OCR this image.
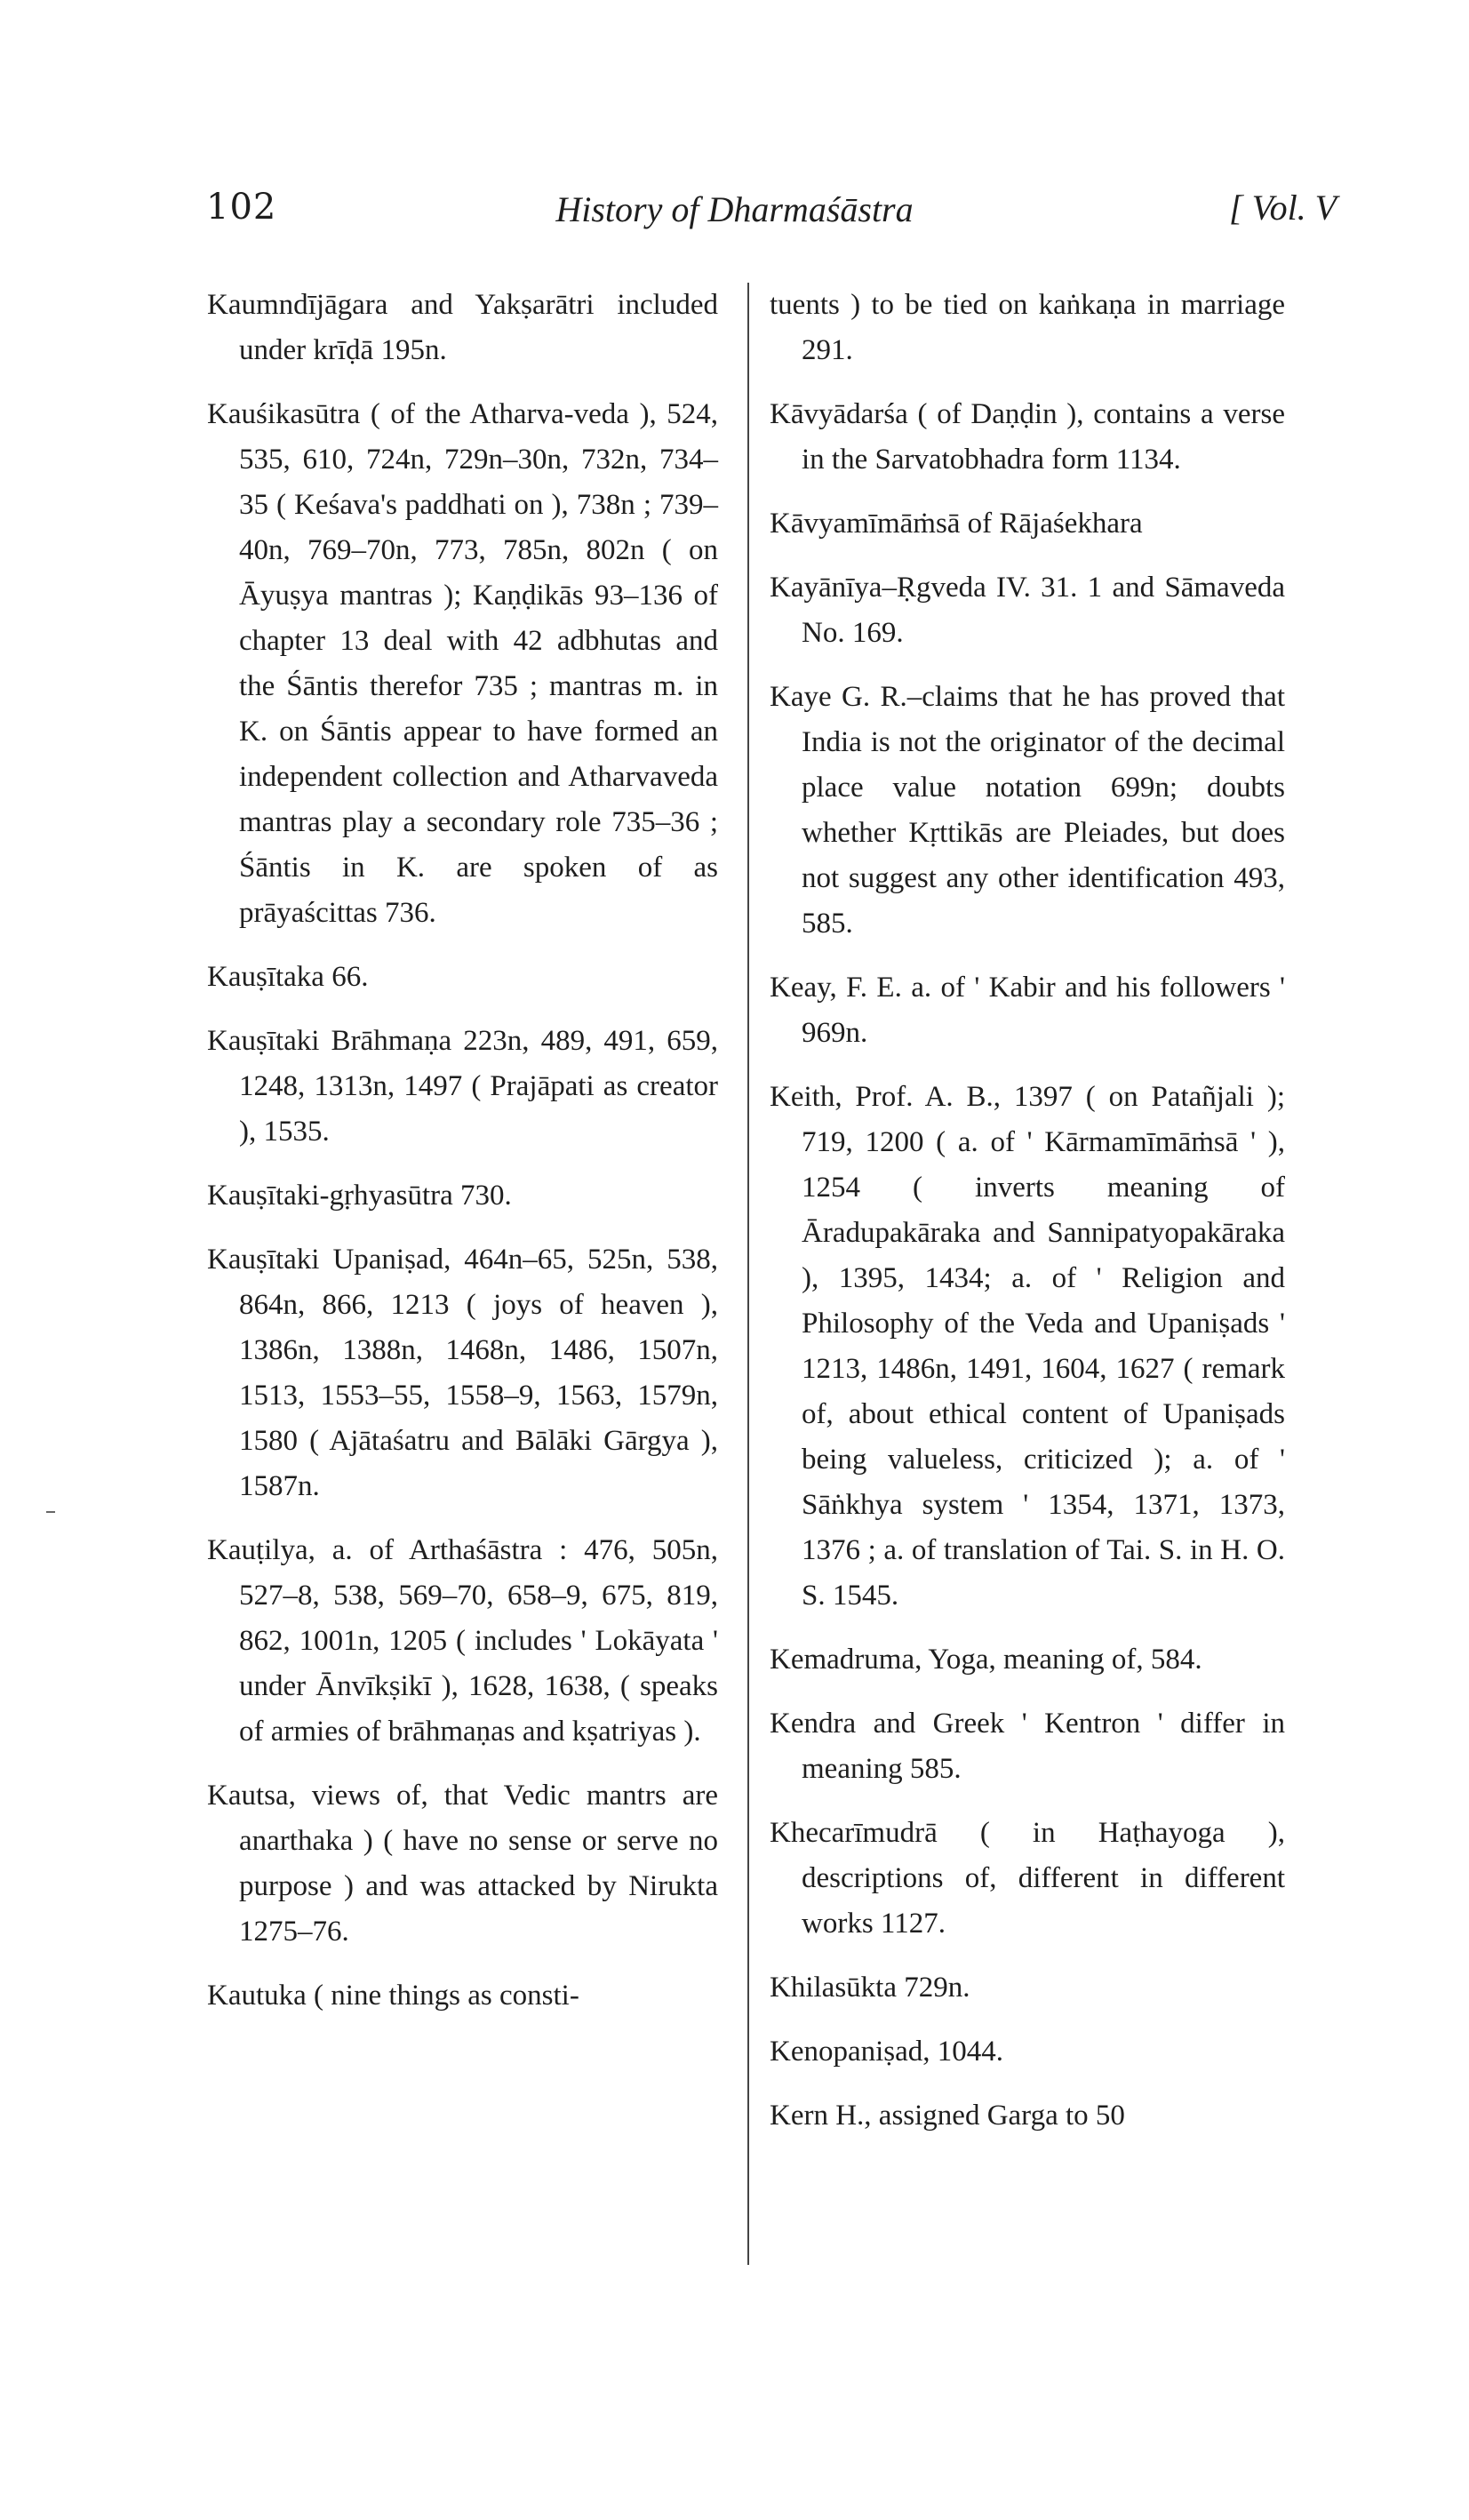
102	History of Dharmaśāstra	[ Vol. V

Kaumndījāgara and Yakṣarātri included under krīḍā 195n.

Kauśikasūtra ( of the Atharva-veda ), 524, 535, 610, 724n, 729n–30n, 732n, 734–35 ( Keśava's paddhati on ), 738n ; 739–40n, 769–70n, 773, 785n, 802n ( on Āyuṣya mantras ); Kaṇḍikās 93–136 of chapter 13 deal with 42 adbhutas and the Śāntis therefor 735 ; mantras m. in K. on Śāntis appear to have formed an independent collection and Atharvaveda mantras play a secondary role 735–36 ; Śāntis in K. are spoken of as prāyaścittas 736.

Kauṣītaka 66.

Kauṣītaki Brāhmaṇa 223n, 489, 491, 659, 1248, 1313n, 1497 ( Prajāpati as creator ), 1535.

Kauṣītaki-gṛhyasūtra 730.

Kauṣītaki Upaniṣad, 464n–65, 525n, 538, 864n, 866, 1213 ( joys of heaven ), 1386n, 1388n, 1468n, 1486, 1507n, 1513, 1553–55, 1558–9, 1563, 1579n, 1580 ( Ajātaśatru and Bālāki Gārgya ), 1587n.

Kauṭilya, a. of Arthaśāstra : 476, 505n, 527–8, 538, 569–70, 658–9, 675, 819, 862, 1001n, 1205 ( includes ' Lokāyata ' under Ānvīkṣikī ), 1628, 1638, ( speaks of armies of brāhmaṇas and kṣatriyas ).

Kautsa, views of, that Vedic mantrs are anarthaka ) ( have no sense or serve no purpose ) and was attacked by Nirukta 1275–76.

Kautuka ( nine things as consti-

tuents ) to be tied on kaṅkaṇa in marriage 291.

Kāvyādarśa ( of Daṇḍin ), contains a verse in the Sarvatobhadra form 1134.

Kāvyamīmāṁsā of Rājaśekhara

Kayānīya–Ṛgveda IV. 31. 1 and Sāmaveda No. 169.

Kaye G. R.–claims that he has proved that India is not the originator of the decimal place value notation 699n; doubts whether Kṛttikās are Pleiades, but does not suggest any other identification 493, 585.

Keay, F. E. a. of ' Kabir and his followers ' 969n.

Keith, Prof. A. B., 1397 ( on Patañjali ); 719, 1200 ( a. of ' Kārmamīmāṁsā ' ), 1254 ( inverts meaning of Āradupakāraka and Sannipatyopakāraka ), 1395, 1434; a. of ' Religion and Philosophy of the Veda and Upaniṣads ' 1213, 1486n, 1491, 1604, 1627 ( remark of, about ethical content of Upaniṣads being valueless, criticized ); a. of ' Sāṅkhya system ' 1354, 1371, 1373, 1376 ; a. of translation of Tai. S. in H. O. S. 1545.

Kemadruma, Yoga, meaning of, 584.

Kendra and Greek ' Kentron ' differ in meaning 585.

Khecarīmudrā ( in Haṭhayoga ), descriptions of, different in different works 1127.

Khilasūkta 729n.

Kenopaniṣad, 1044.

Kern H., assigned Garga to 50
